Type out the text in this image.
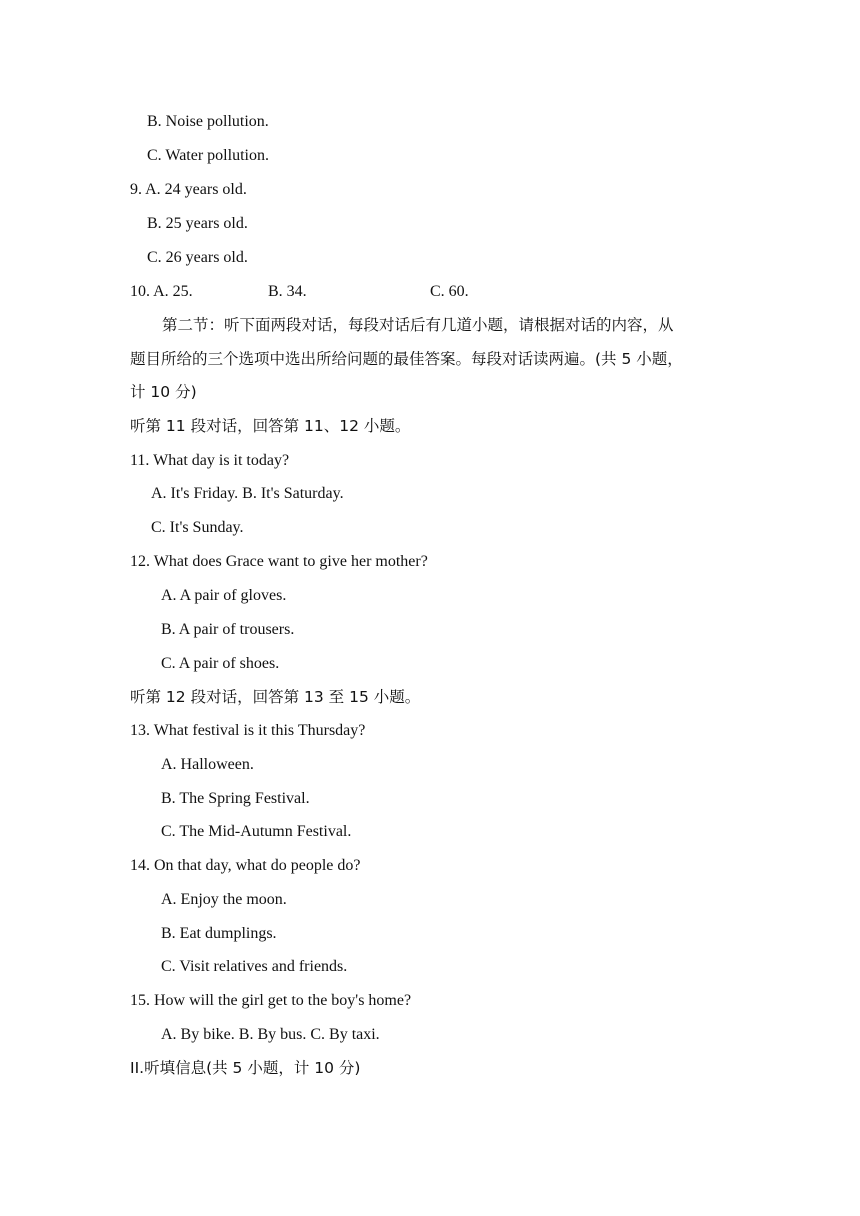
B. Noise pollution.
C. Water pollution.
9. A. 24 years old.
B. 25 years old.
C. 26 years old.
10. A. 25.	B. 34.	C. 60.
第二节：听下面两段对话，每段对话后有几道小题，请根据对话的内容，从
题目所给的三个选项中选出所给问题的最佳答案。每段对话读两遍。(共 5 小题，
计 10 分)
听第 11 段对话，回答第 11、12 小题。
11. What day is it today?
A. It's Friday. B. It's Saturday.
C. It's Sunday.
12. What does Grace want to give her mother?
A. A pair of gloves.
B. A pair of trousers.
C. A pair of shoes.
听第 12 段对话，回答第 13 至 15 小题。
13. What festival is it this Thursday?
A. Halloween.
B. The Spring Festival.
C. The Mid-Autumn Festival.
14. On that day, what do people do?
A. Enjoy the moon.
B. Eat dumplings.
C. Visit relatives and friends.
15. How will the girl get to the boy's home?
A. By bike. B. By bus. C. By taxi.
II.听填信息(共 5 小题，计 10 分)
